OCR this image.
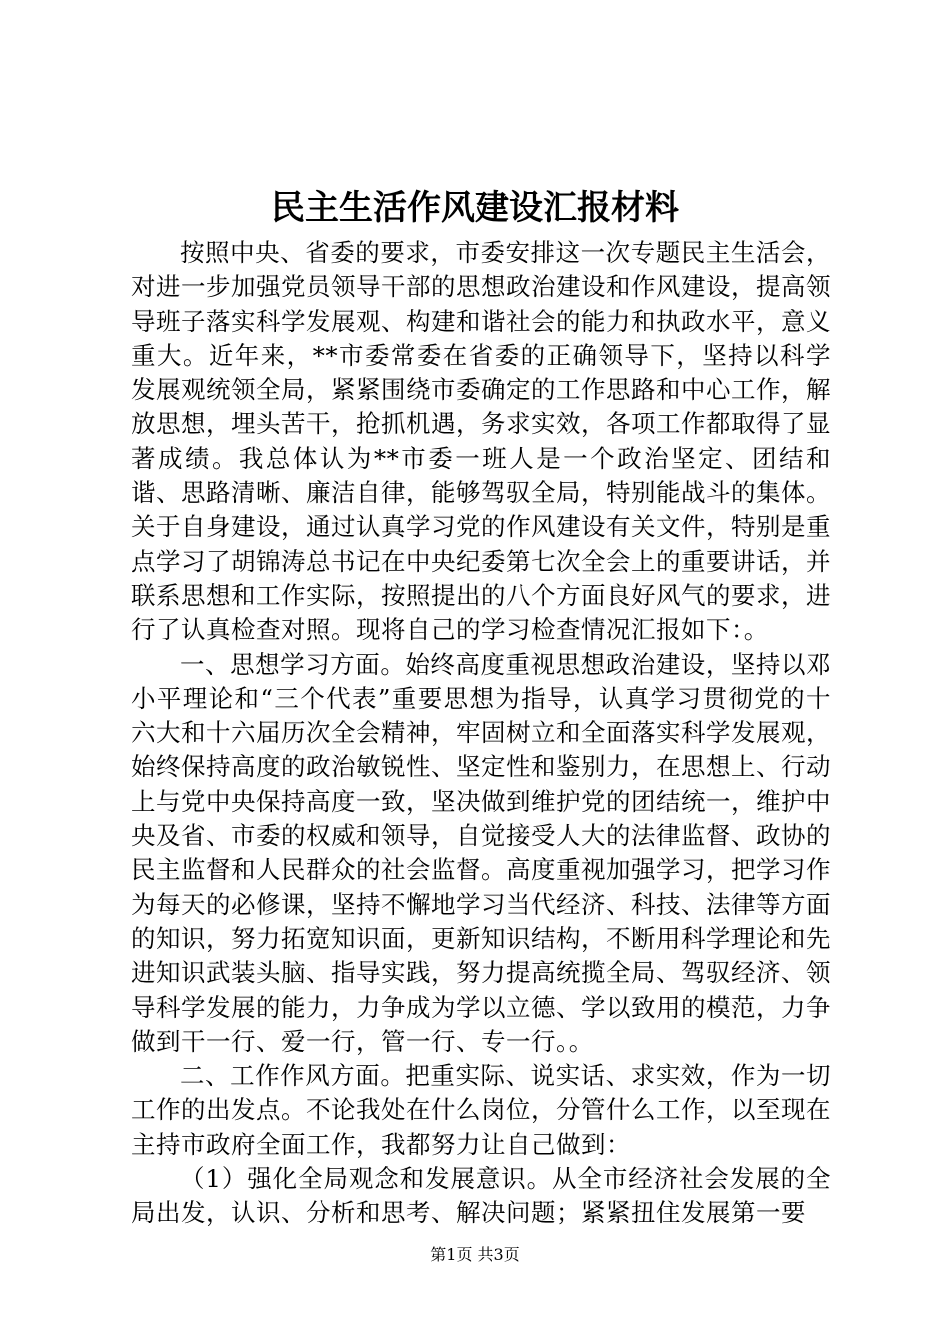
民主生活作风建设汇报材料

按照中央、省委的要求，市委安排这一次专题民主生活会，对进一步加强党员领导干部的思想政治建设和作风建设，提高领导班子落实科学发展观、构建和谐社会的能力和执政水平，意义重大。近年来，**市委常委在省委的正确领导下，坚持以科学发展观统领全局，紧紧围绕市委确定的工作思路和中心工作，解放思想，埋头苦干，抢抓机遇，务求实效，各项工作都取得了显著成绩。我总体认为**市委一班人是一个政治坚定、团结和谐、思路清晰、廉洁自律，能够驾驭全局，特别能战斗的集体。关于自身建设，通过认真学习党的作风建设有关文件，特别是重点学习了胡锦涛总书记在中央纪委第七次全会上的重要讲话，并联系思想和工作实际，按照提出的八个方面良好风气的要求，进行了认真检查对照。现将自己的学习检查情况汇报如下：。

一、思想学习方面。始终高度重视思想政治建设，坚持以邓小平理论和“三个代表”重要思想为指导，认真学习贯彻党的十六大和十六届历次全会精神，牢固树立和全面落实科学发展观，始终保持高度的政治敏锐性、坚定性和鉴别力，在思想上、行动上与党中央保持高度一致，坚决做到维护党的团结统一，维护中央及省、市委的权威和领导，自觉接受人大的法律监督、政协的民主监督和人民群众的社会监督。高度重视加强学习，把学习作为每天的必修课，坚持不懈地学习当代经济、科技、法律等方面的知识，努力拓宽知识面，更新知识结构，不断用科学理论和先进知识武装头脑、指导实践，努力提高统揽全局、驾驭经济、领导科学发展的能力，力争成为学以立德、学以致用的模范，力争做到干一行、爱一行，管一行、专一行。。

二、工作作风方面。把重实际、说实话、求实效，作为一切工作的出发点。不论我处在什么岗位，分管什么工作，以至现在主持市政府全面工作，我都努力让自己做到：

（1）强化全局观念和发展意识。从全市经济社会发展的全局出发，认识、分析和思考、解决问题；紧紧扭住发展第一要

第1页 共3页
